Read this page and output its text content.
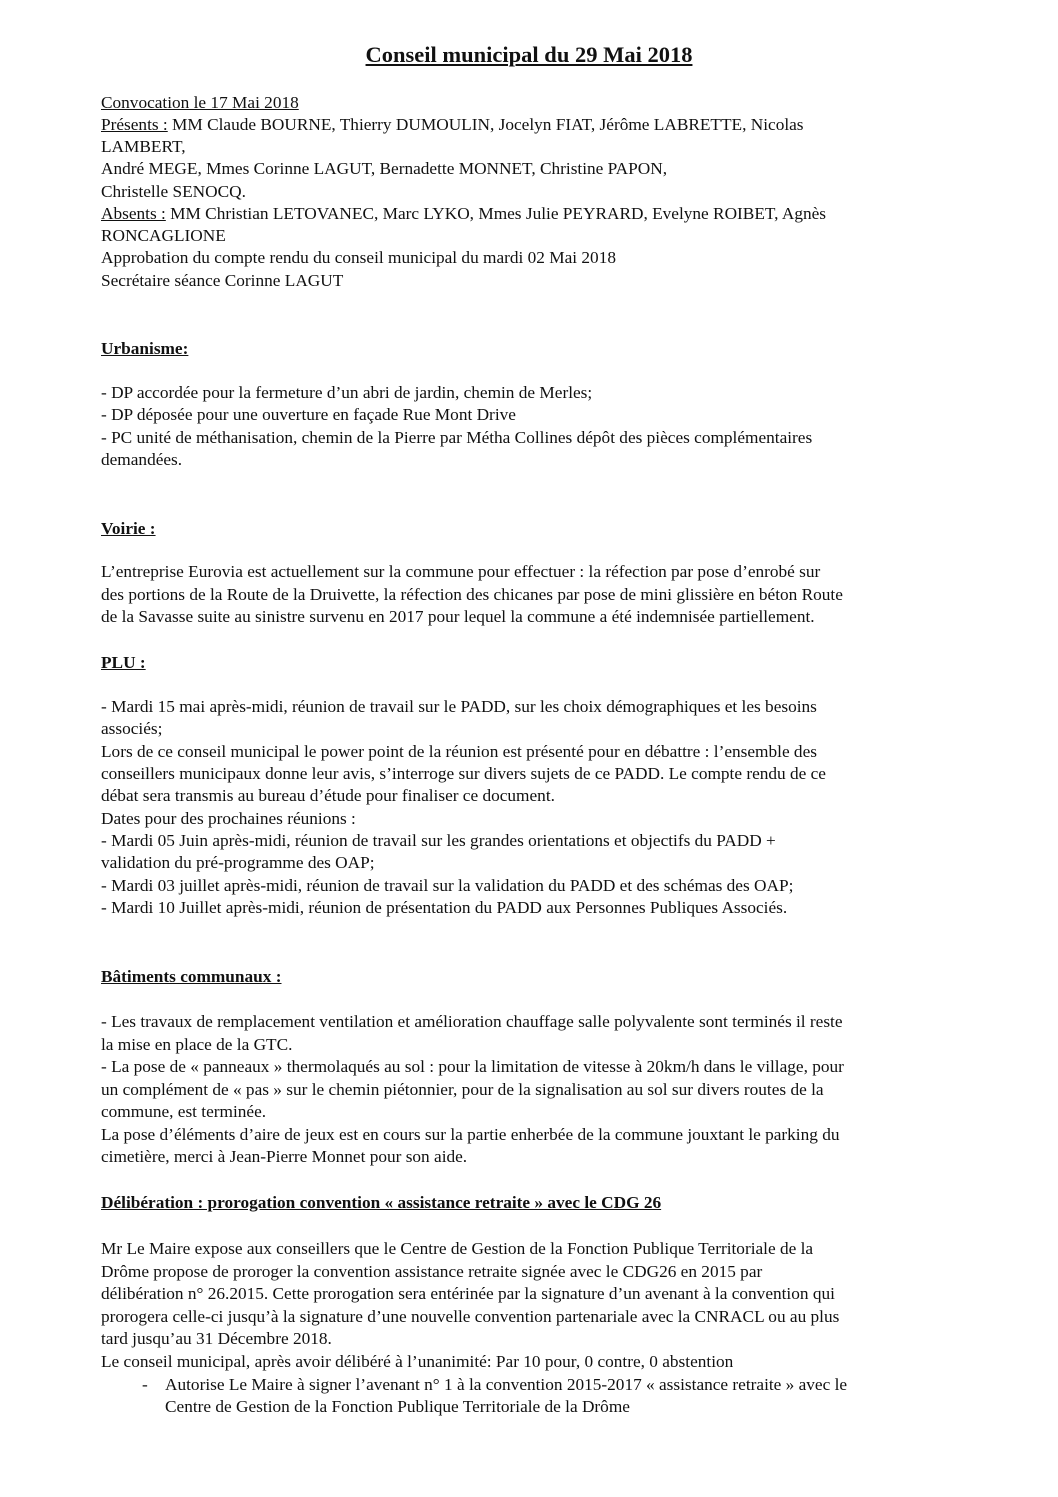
Conseil municipal du 29 Mai 2018
Convocation le 17 Mai 2018
Présents : MM Claude BOURNE, Thierry DUMOULIN, Jocelyn FIAT, Jérôme LABRETTE, Nicolas
LAMBERT,
André MEGE, Mmes Corinne LAGUT, Bernadette MONNET, Christine PAPON,
Christelle SENOCQ.
Absents : MM Christian LETOVANEC, Marc LYKO, Mmes Julie PEYRARD, Evelyne ROIBET, Agnès
RONCAGLIONE
Approbation du compte rendu du conseil municipal du mardi 02 Mai 2018
Secrétaire séance Corinne LAGUT
Urbanisme:
- DP accordée pour la fermeture d’un abri de jardin, chemin de Merles;
- DP déposée pour une ouverture en façade Rue Mont Drive
- PC unité de méthanisation, chemin de la Pierre par Métha Collines dépôt des pièces complémentaires
demandées.
Voirie :
L’entreprise Eurovia est actuellement sur la commune pour effectuer : la réfection par pose d’enrobé sur
des portions de la Route de la Druivette, la réfection des chicanes par pose de mini glissière en béton Route
de la Savasse suite au sinistre survenu en 2017 pour lequel la commune a été indemnisée partiellement.
PLU :
- Mardi 15 mai après-midi, réunion de travail sur le PADD, sur les choix démographiques et les besoins
associés;
Lors de ce conseil municipal le power point de la réunion est présenté pour en débattre : l’ensemble des
conseillers municipaux donne leur avis, s’interroge sur divers sujets de ce PADD. Le compte rendu de ce
débat sera transmis au bureau d’étude pour finaliser ce document.
Dates pour des prochaines réunions :
- Mardi 05 Juin après-midi, réunion de travail sur les grandes orientations et objectifs du PADD +
validation du pré-programme des OAP;
- Mardi 03 juillet après-midi, réunion de travail sur la validation du PADD et des schémas des OAP;
- Mardi 10 Juillet après-midi, réunion de présentation du PADD aux Personnes Publiques Associés.
Bâtiments communaux :
- Les travaux de remplacement ventilation et amélioration chauffage salle polyvalente sont terminés il reste
la mise en place de la GTC.
- La pose de « panneaux » thermolaqués au sol : pour la limitation de vitesse à 20km/h dans le village, pour
un complément de « pas » sur le chemin piétonnier, pour de la signalisation au sol sur divers routes de la
commune, est terminée.
La pose d’éléments d’aire de jeux est en cours sur la partie enherbée de la commune jouxtant le parking du
cimetière, merci à Jean-Pierre Monnet pour son aide.
Délibération : prorogation convention « assistance retraite » avec le CDG 26
Mr Le Maire expose aux conseillers que le Centre de Gestion de la Fonction Publique Territoriale de la
Drôme propose de proroger la convention assistance retraite signée avec le CDG26 en 2015 par
délibération n° 26.2015. Cette prorogation sera entérinée par la signature d’un avenant à la convention qui
prorogera celle-ci jusqu’à la signature d’une nouvelle convention partenariale avec la CNRACL ou au plus
tard jusqu’au 31 Décembre 2018.
Le conseil municipal, après avoir délibéré à l’unanimité: Par 10 pour, 0 contre, 0 abstention
- Autorise Le Maire à signer l’avenant n° 1 à la convention 2015-2017 « assistance retraite » avec le
Centre de Gestion de la Fonction Publique Territoriale de la Drôme
